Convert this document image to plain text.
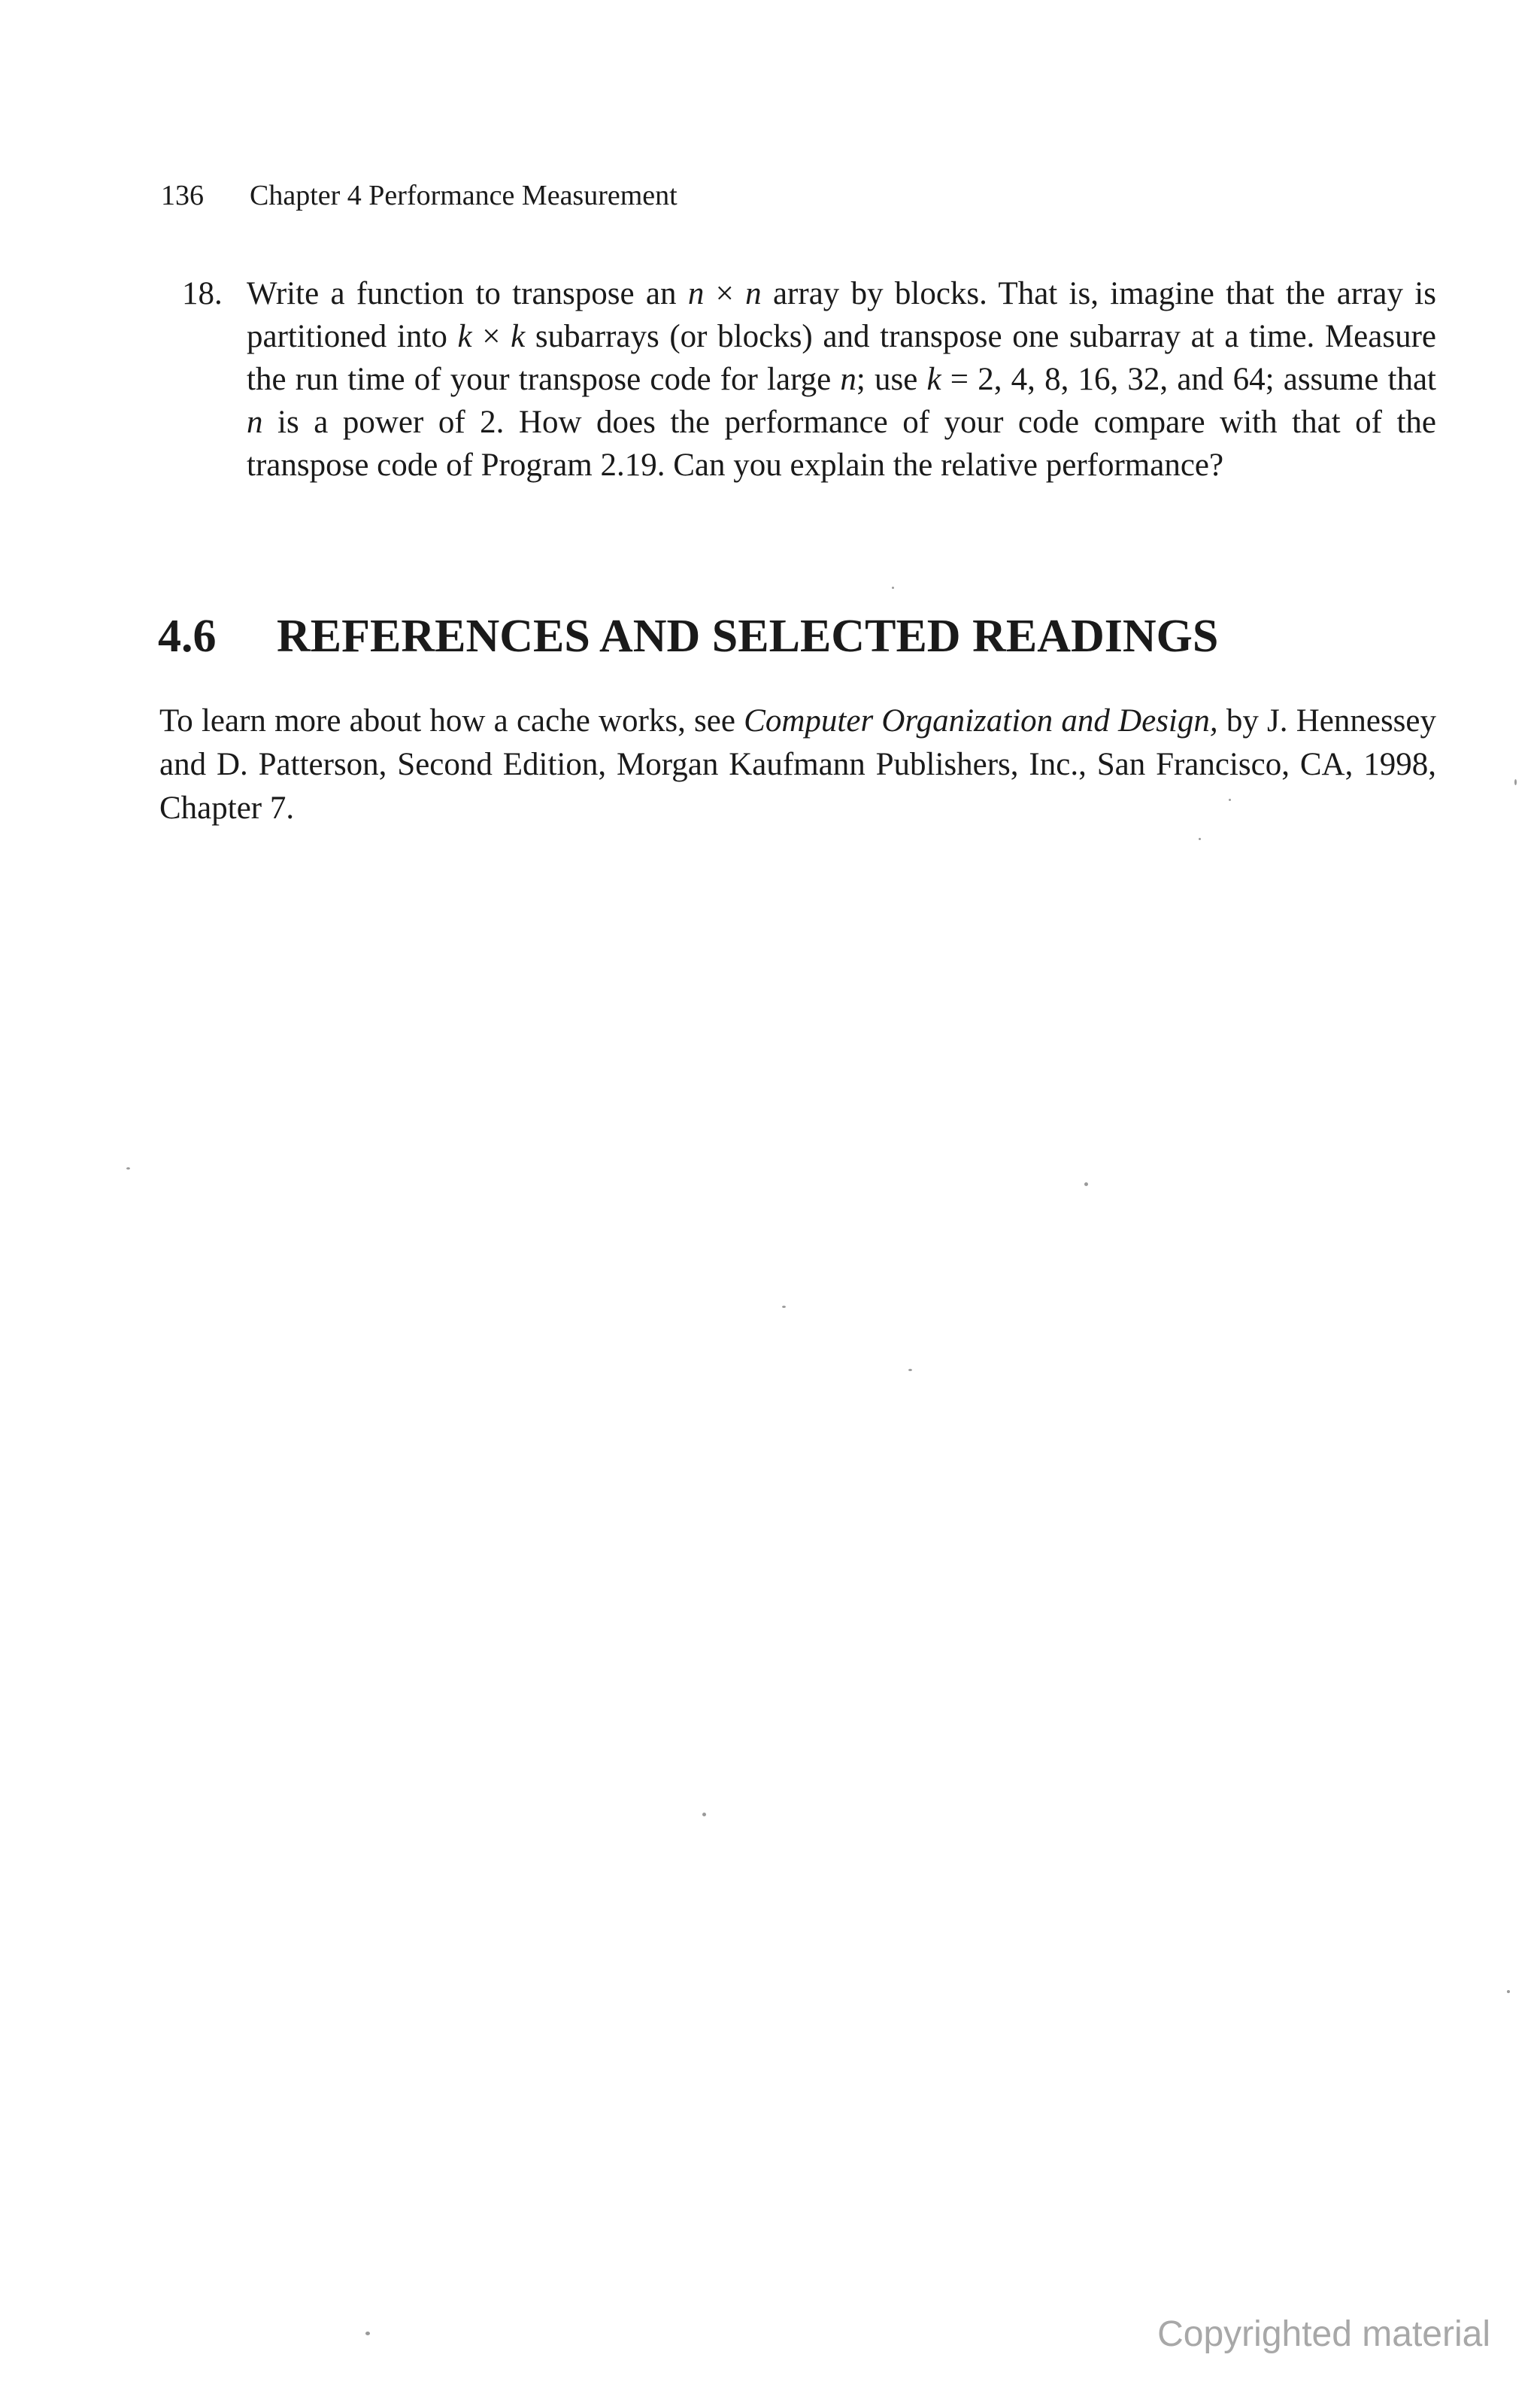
136 Chapter 4 Performance Measurement
18. Write a function to transpose an n × n array by blocks. That is, imagine that the array is partitioned into k × k subarrays (or blocks) and transpose one subarray at a time. Measure the run time of your transpose code for large n; use k = 2, 4, 8, 16, 32, and 64; assume that n is a power of 2. How does the performance of your code compare with that of the transpose code of Program 2.19. Can you explain the relative performance?
4.6 REFERENCES AND SELECTED READINGS
To learn more about how a cache works, see Computer Organization and Design, by J. Hennessey and D. Patterson, Second Edition, Morgan Kaufmann Publishers, Inc., San Francisco, CA, 1998, Chapter 7.
Copyrighted material
